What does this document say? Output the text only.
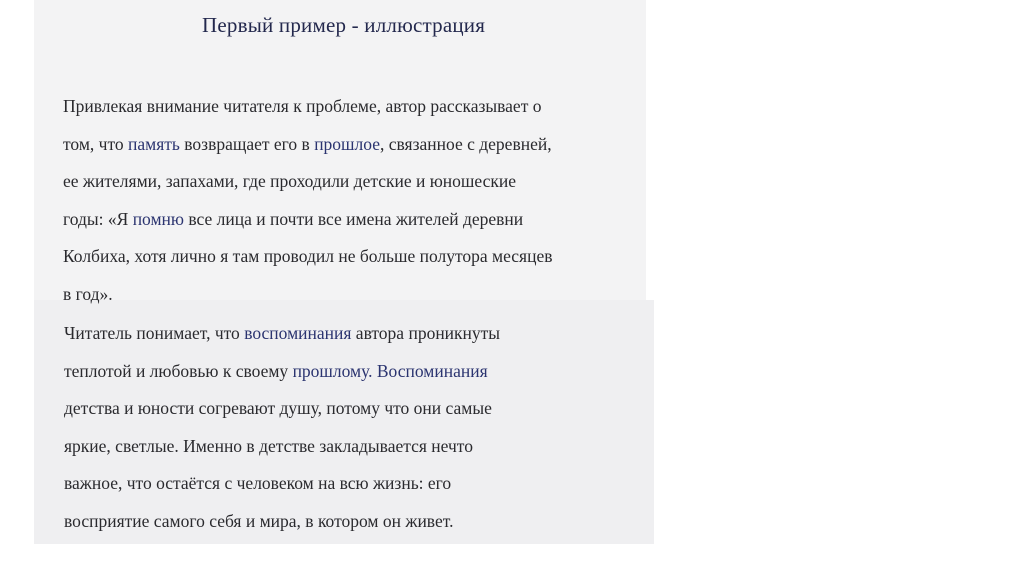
Первый пример - иллюстрация
Привлекая внимание читателя к проблеме, автор рассказывает о
том, что память возвращает его в прошлое, связанное с деревней,
ее жителями, запахами, где проходили детские и юношеские
годы: «Я помню все лица и почти все имена жителей деревни
Колбиха, хотя лично я там проводил не больше полутора месяцев
в год».
Читатель понимает, что воспоминания автора проникнуты
теплотой и любовью к своему прошлому. Воспоминания
детства и юности согревают душу, потому что они самые
яркие, светлые. Именно в детстве закладывается нечто
важное, что остаётся с человеком на всю жизнь: его
восприятие самого себя и мира, в котором он живет.
